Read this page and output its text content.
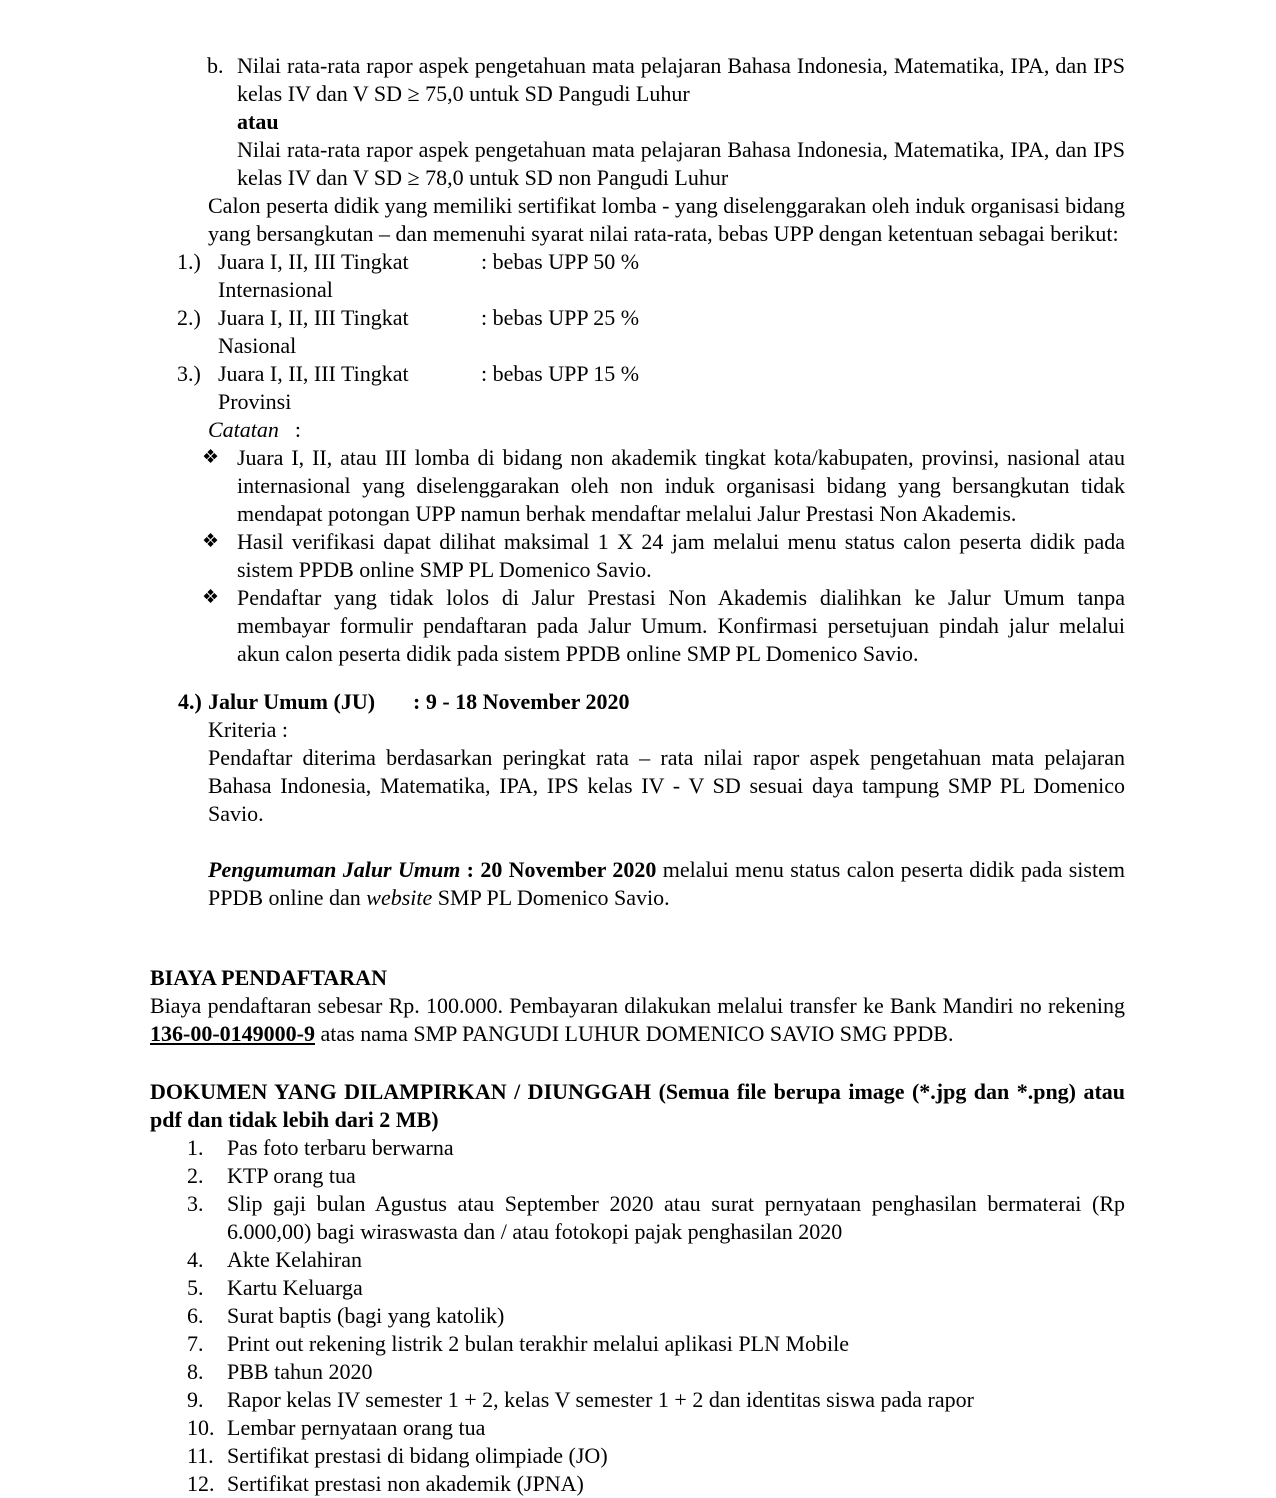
b. Nilai rata-rata rapor aspek pengetahuan mata pelajaran Bahasa Indonesia, Matematika, IPA, dan IPS kelas IV dan V SD ≥ 75,0 untuk SD Pangudi Luhur
atau
Nilai rata-rata rapor aspek pengetahuan mata pelajaran Bahasa Indonesia, Matematika, IPA, dan IPS kelas IV dan V SD ≥ 78,0 untuk SD non Pangudi Luhur
Calon peserta didik yang memiliki sertifikat lomba - yang diselenggarakan oleh induk organisasi bidang yang bersangkutan – dan memenuhi syarat nilai rata-rata, bebas UPP dengan ketentuan sebagai berikut:
1.) Juara I, II, III Tingkat Internasional
: bebas UPP 50 %
2.) Juara I, II, III Tingkat Nasional
: bebas UPP 25 %
3.) Juara I, II, III Tingkat Provinsi
: bebas UPP 15 %
Catatan :
❖ Juara I, II, atau III lomba di bidang non akademik tingkat kota/kabupaten, provinsi, nasional atau internasional yang diselenggarakan oleh non induk organisasi bidang yang bersangkutan tidak mendapat potongan UPP namun berhak mendaftar melalui Jalur Prestasi Non Akademis.
❖ Hasil verifikasi dapat dilihat maksimal 1 X 24 jam melalui menu status calon peserta didik pada sistem PPDB online SMP PL Domenico Savio.
❖ Pendaftar yang tidak lolos di Jalur Prestasi Non Akademis dialihkan ke Jalur Umum tanpa membayar formulir pendaftaran pada Jalur Umum. Konfirmasi persetujuan pindah jalur melalui akun calon peserta didik pada sistem PPDB online SMP PL Domenico Savio.
4.) Jalur Umum (JU)	: 9 - 18 November 2020
Kriteria :
Pendaftar diterima berdasarkan peringkat rata – rata nilai rapor aspek pengetahuan mata pelajaran Bahasa Indonesia, Matematika, IPA, IPS kelas IV - V SD sesuai daya tampung SMP PL Domenico Savio.
Pengumuman Jalur Umum : 20 November 2020 melalui menu status calon peserta didik pada sistem PPDB online dan website SMP PL Domenico Savio.
BIAYA PENDAFTARAN
Biaya pendaftaran sebesar Rp. 100.000. Pembayaran dilakukan melalui transfer ke Bank Mandiri no rekening 136-00-0149000-9 atas nama SMP PANGUDI LUHUR DOMENICO SAVIO SMG PPDB.
DOKUMEN YANG DILAMPIRKAN / DIUNGGAH (Semua file berupa image (*.jpg dan *.png) atau pdf dan tidak lebih dari 2 MB)
1. Pas foto terbaru berwarna
2. KTP orang tua
3. Slip gaji bulan Agustus atau September 2020 atau surat pernyataan penghasilan bermaterai (Rp 6.000,00) bagi wiraswasta dan / atau fotokopi pajak penghasilan 2020
4. Akte Kelahiran
5. Kartu Keluarga
6. Surat baptis (bagi yang katolik)
7. Print out rekening listrik 2 bulan terakhir melalui aplikasi PLN Mobile
8. PBB tahun 2020
9. Rapor kelas IV semester 1 + 2, kelas V semester 1 + 2 dan identitas siswa pada rapor
10. Lembar pernyataan orang tua
11. Sertifikat prestasi di bidang olimpiade (JO)
12. Sertifikat prestasi non akademik (JPNA)
